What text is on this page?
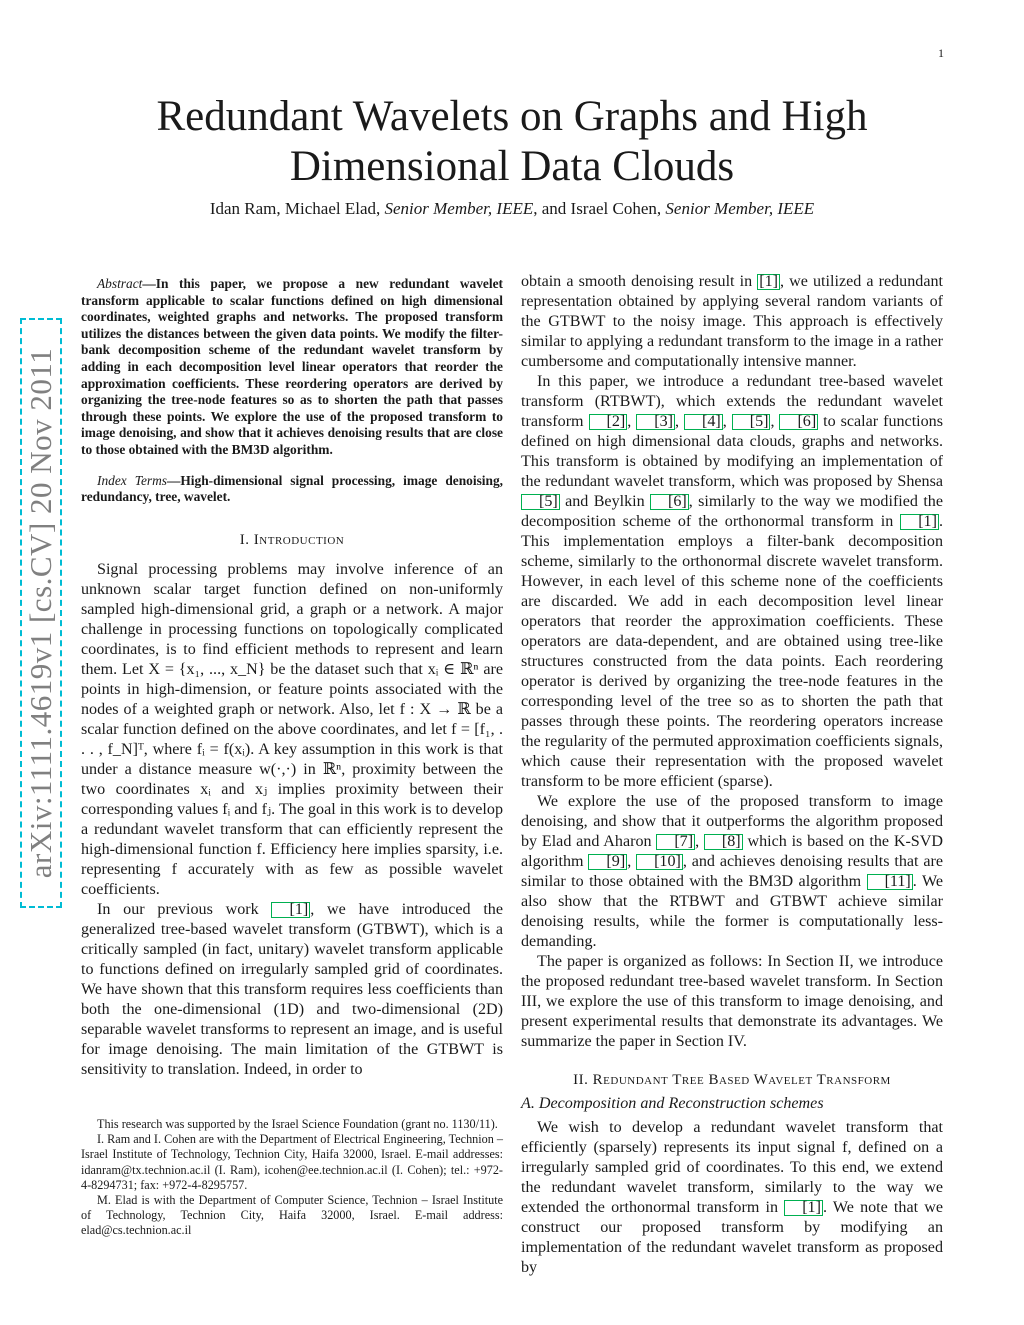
1
arXiv:1111.4619v1 [cs.CV] 20 Nov 2011
Redundant Wavelets on Graphs and High
Dimensional Data Clouds
Idan Ram, Michael Elad, Senior Member, IEEE, and Israel Cohen, Senior Member, IEEE

Abstract—In this paper, we propose a new redundant wavelet transform applicable to scalar functions defined on high dimensional coordinates, weighted graphs and networks. The proposed transform utilizes the distances between the given data points. We modify the filter-bank decomposition scheme of the redundant wavelet transform by adding in each decomposition level linear operators that reorder the approximation coefficients. These reordering operators are derived by organizing the tree-node features so as to shorten the path that passes through these points. We explore the use of the proposed transform to image denoising, and show that it achieves denoising results that are close to those obtained with the BM3D algorithm.

Index Terms—High-dimensional signal processing, image denoising, redundancy, tree, wavelet.

I. Introduction

Signal processing problems may involve inference of an unknown scalar target function defined on non-uniformly sampled high-dimensional grid, a graph or a network. A major challenge in processing functions on topologically complicated coordinates, is to find efficient methods to represent and learn them. Let X = {x₁, ..., x_N} be the dataset such that xᵢ ∈ ℝⁿ are points in high-dimension, or feature points associated with the nodes of a weighted graph or network. Also, let f : X → ℝ be a scalar function defined on the above coordinates, and let f = [f₁, . . . , f_N]ᵀ, where fᵢ = f(xᵢ). A key assumption in this work is that under a distance measure w(·,·) in ℝⁿ, proximity between the two coordinates xᵢ and xⱼ implies proximity between their corresponding values fᵢ and fⱼ. The goal in this work is to develop a redundant wavelet transform that can efficiently represent the high-dimensional function f. Efficiency here implies sparsity, i.e. representing f accurately with as few as possible wavelet coefficients.

In our previous work [1] , we have introduced the generalized tree-based wavelet transform (GTBWT), which is a critically sampled (in fact, unitary) wavelet transform applicable to functions defined on irregularly sampled grid of coordinates. We have shown that this transform requires less coefficients than both the one-dimensional (1D) and two-dimensional (2D) separable wavelet transforms to represent an image, and is useful for image denoising. The main limitation of the GTBWT is sensitivity to translation. Indeed, in order to

This research was supported by the Israel Science Foundation (grant no. 1130/11).

I. Ram and I. Cohen are with the Department of Electrical Engineering, Technion – Israel Institute of Technology, Technion City, Haifa 32000, Israel. E-mail addresses: idanram@tx.technion.ac.il (I. Ram), icohen@ee.technion.ac.il (I. Cohen); tel.: +972-4-8294731; fax: +972-4-8295757.

M. Elad is with the Department of Computer Science, Technion – Israel Institute of Technology, Technion City, Haifa 32000, Israel. E-mail address: elad@cs.technion.ac.il

obtain a smooth denoising result in [1] , we utilized a redundant representation obtained by applying several random variants of the GTBWT to the noisy image. This approach is effectively similar to applying a redundant transform to the image in a rather cumbersome and computationally intensive manner.

In this paper, we introduce a redundant tree-based wavelet transform (RTBWT), which extends the redundant wavelet transform [2] , [3] , [4] , [5] , [6] to scalar functions defined on high dimensional data clouds, graphs and networks. This transform is obtained by modifying an implementation of the redundant wavelet transform, which was proposed by Shensa [5] and Beylkin [6] , similarly to the way we modified the decomposition scheme of the orthonormal transform in [1] . This implementation employs a filter-bank decomposition scheme, similarly to the orthonormal discrete wavelet transform. However, in each level of this scheme none of the coefficients are discarded. We add in each decomposition level linear operators that reorder the approximation coefficients. These operators are data-dependent, and are obtained using tree-like structures constructed from the data points. Each reordering operator is derived by organizing the tree-node features in the corresponding level of the tree so as to shorten the path that passes through these points. The reordering operators increase the regularity of the permuted approximation coefficients signals, which cause their representation with the proposed wavelet transform to be more efficient (sparse).

We explore the use of the proposed transform to image denoising, and show that it outperforms the algorithm proposed by Elad and Aharon [7] , [8] which is based on the K-SVD algorithm [9] , [10] , and achieves denoising results that are similar to those obtained with the BM3D algorithm [11] . We also show that the RTBWT and GTBWT achieve similar denoising results, while the former is computationally less-demanding.

The paper is organized as follows: In Section II, we introduce the proposed redundant tree-based wavelet transform. In Section III, we explore the use of this transform to image denoising, and present experimental results that demonstrate its advantages. We summarize the paper in Section IV.

II. Redundant Tree Based Wavelet Transform
A. Decomposition and Reconstruction schemes

We wish to develop a redundant wavelet transform that efficiently (sparsely) represents its input signal f, defined on a irregularly sampled grid of coordinates. To this end, we extend the redundant wavelet transform, similarly to the way we extended the orthonormal transform in [1] . We note that we construct our proposed transform by modifying an implementation of the redundant wavelet transform as proposed by
